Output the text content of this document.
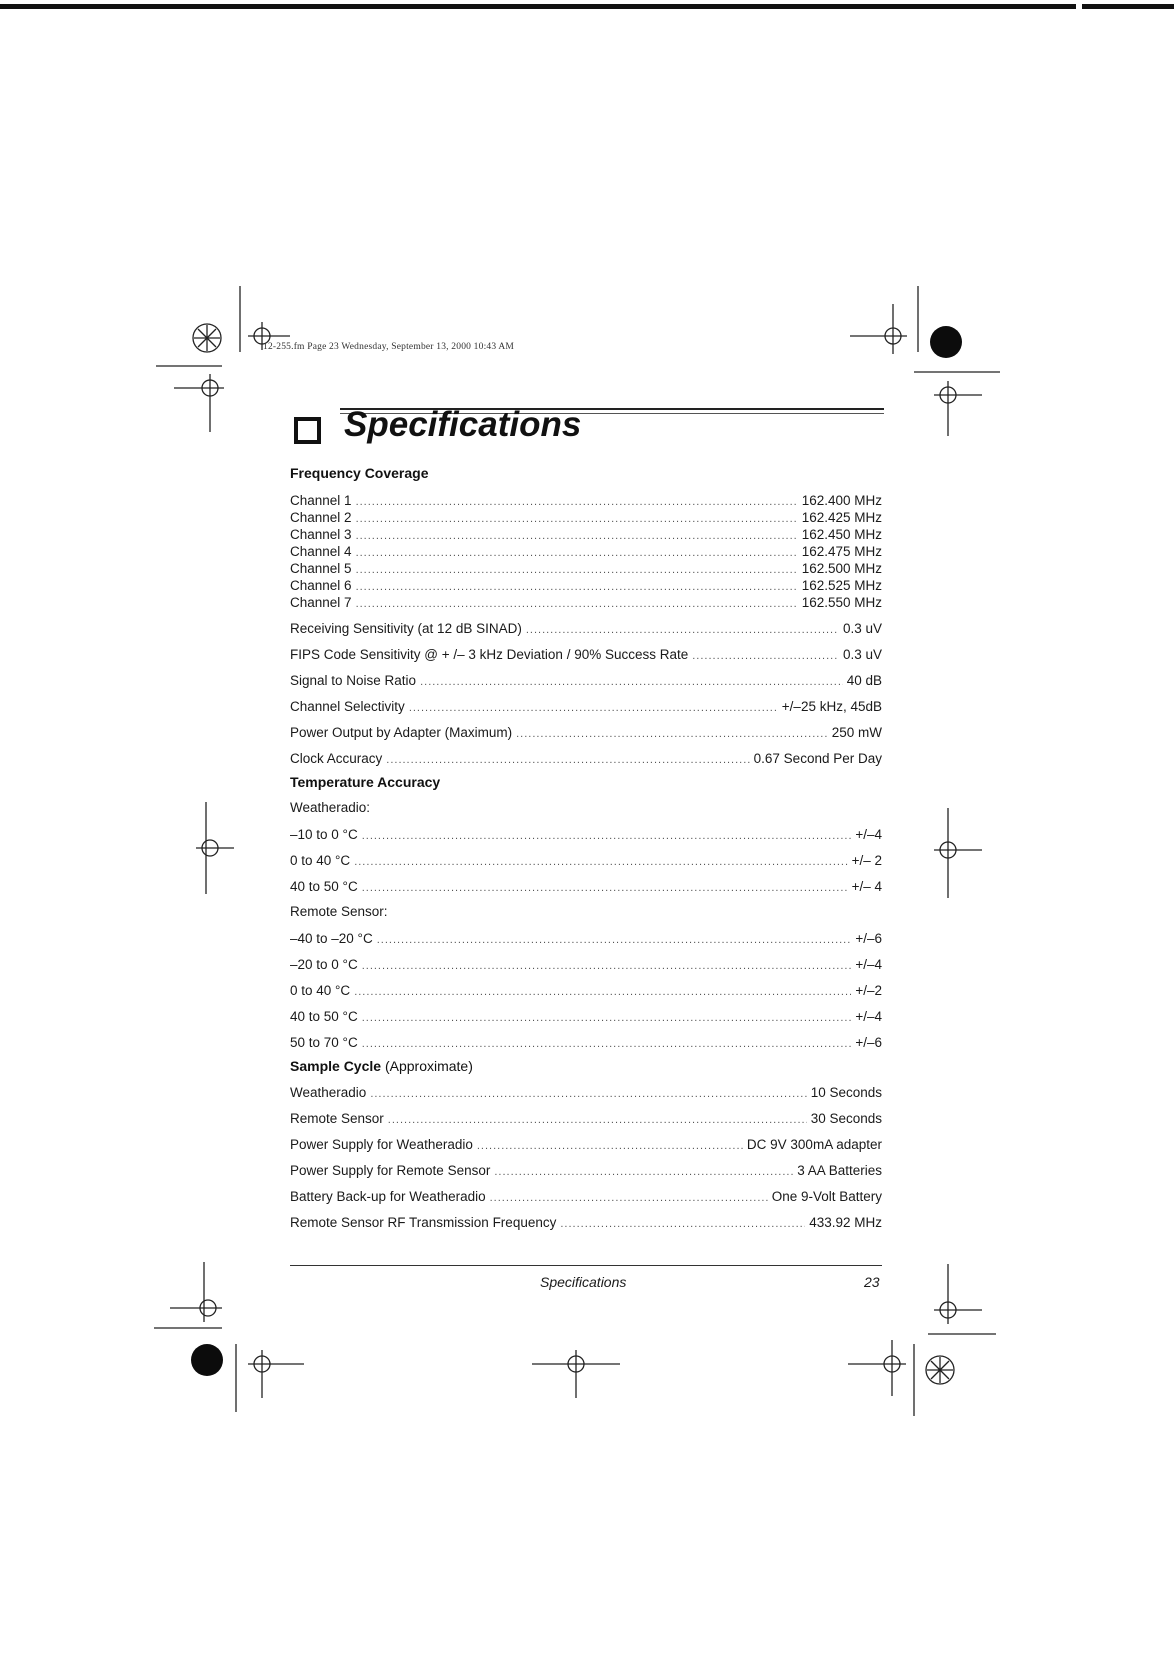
12-255.fm Page 23 Wednesday, September 13, 2000 10:43 AM
Specifications
Frequency Coverage
Channel 1 .....	162.400 MHz
Channel 2 .....	162.425 MHz
Channel 3 .....	162.450 MHz
Channel 4 .....	162.475 MHz
Channel 5 .....	162.500 MHz
Channel 6 .....	162.525 MHz
Channel 7 .....	162.550 MHz
Receiving Sensitivity (at 12 dB SINAD) .....	0.3 uV
FIPS Code Sensitivity @ + /– 3 kHz Deviation / 90% Success Rate .....	0.3 uV
Signal to Noise Ratio .....	40 dB
Channel Selectivity .....	+/–25 kHz, 45dB
Power Output by Adapter (Maximum) .....	250 mW
Clock Accuracy .....	0.67 Second Per Day
Temperature Accuracy
Weatheradio:
–10 to 0 °C .....	+/–4
0 to 40 °C .....	+/– 2
40 to 50 °C .....	+/– 4
Remote Sensor:
–40 to –20 °C .....	+/–6
–20 to 0 °C .....	+/–4
0 to 40 °C .....	+/–2
40 to 50 °C .....	+/–4
50 to 70 °C .....	+/–6
Sample Cycle (Approximate)
Weatheradio .....	10 Seconds
Remote Sensor .....	30 Seconds
Power Supply for Weatheradio .....	DC 9V 300mA adapter
Power Supply for Remote Sensor .....	3 AA Batteries
Battery Back-up for Weatheradio .....	One 9-Volt Battery
Remote Sensor RF Transmission Frequency .....	433.92 MHz
Specifications	23
